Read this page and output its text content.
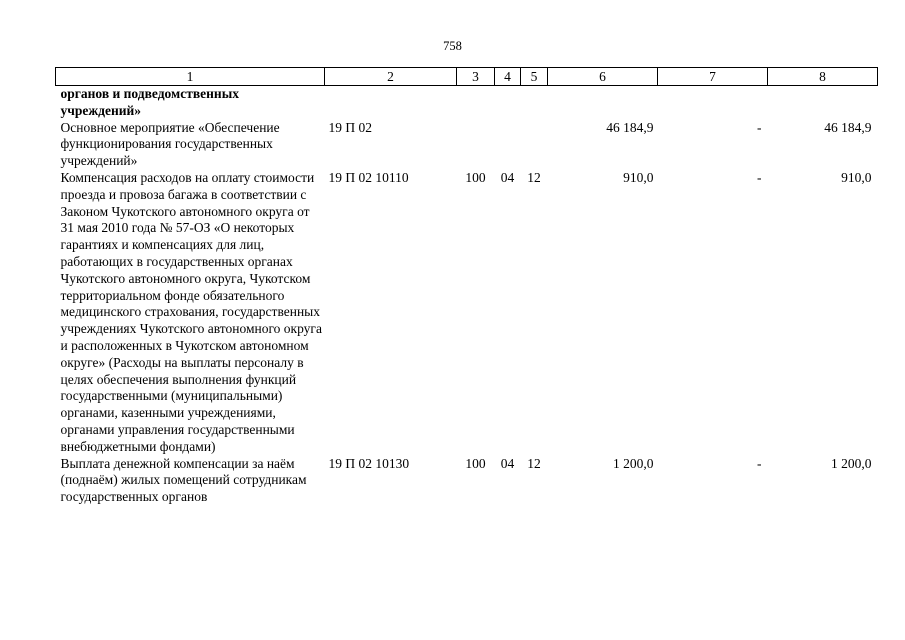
758
1	2	3	4	5	6	7	8
органов и подведомственных учреждений»							
Основное мероприятие «Обеспечение функционирования государственных учреждений»	19 П 02				46 184,9	-	46 184,9
Компенсация расходов на оплату стоимости проезда и провоза багажа в соответствии с Законом Чукотского автономного округа от 31 мая 2010 года № 57-ОЗ «О некоторых гарантиях и компенсациях для лиц, работающих в государственных органах Чукотского автономного округа, Чукотском территориальном фонде обязательного медицинского страхования, государственных учреждениях Чукотского автономного округа и расположенных в Чукотском автономном округе» (Расходы на выплаты персоналу в целях обеспечения выполнения функций государственными (муниципальными) органами, казенными учреждениями, органами управления государственными внебюджетными фондами)	19 П 02 10110	100	04	12	910,0	-	910,0
Выплата денежной компенсации за наём (поднаём) жилых помещений сотрудникам государственных органов	19 П 02 10130	100	04	12	1 200,0	-	1 200,0
